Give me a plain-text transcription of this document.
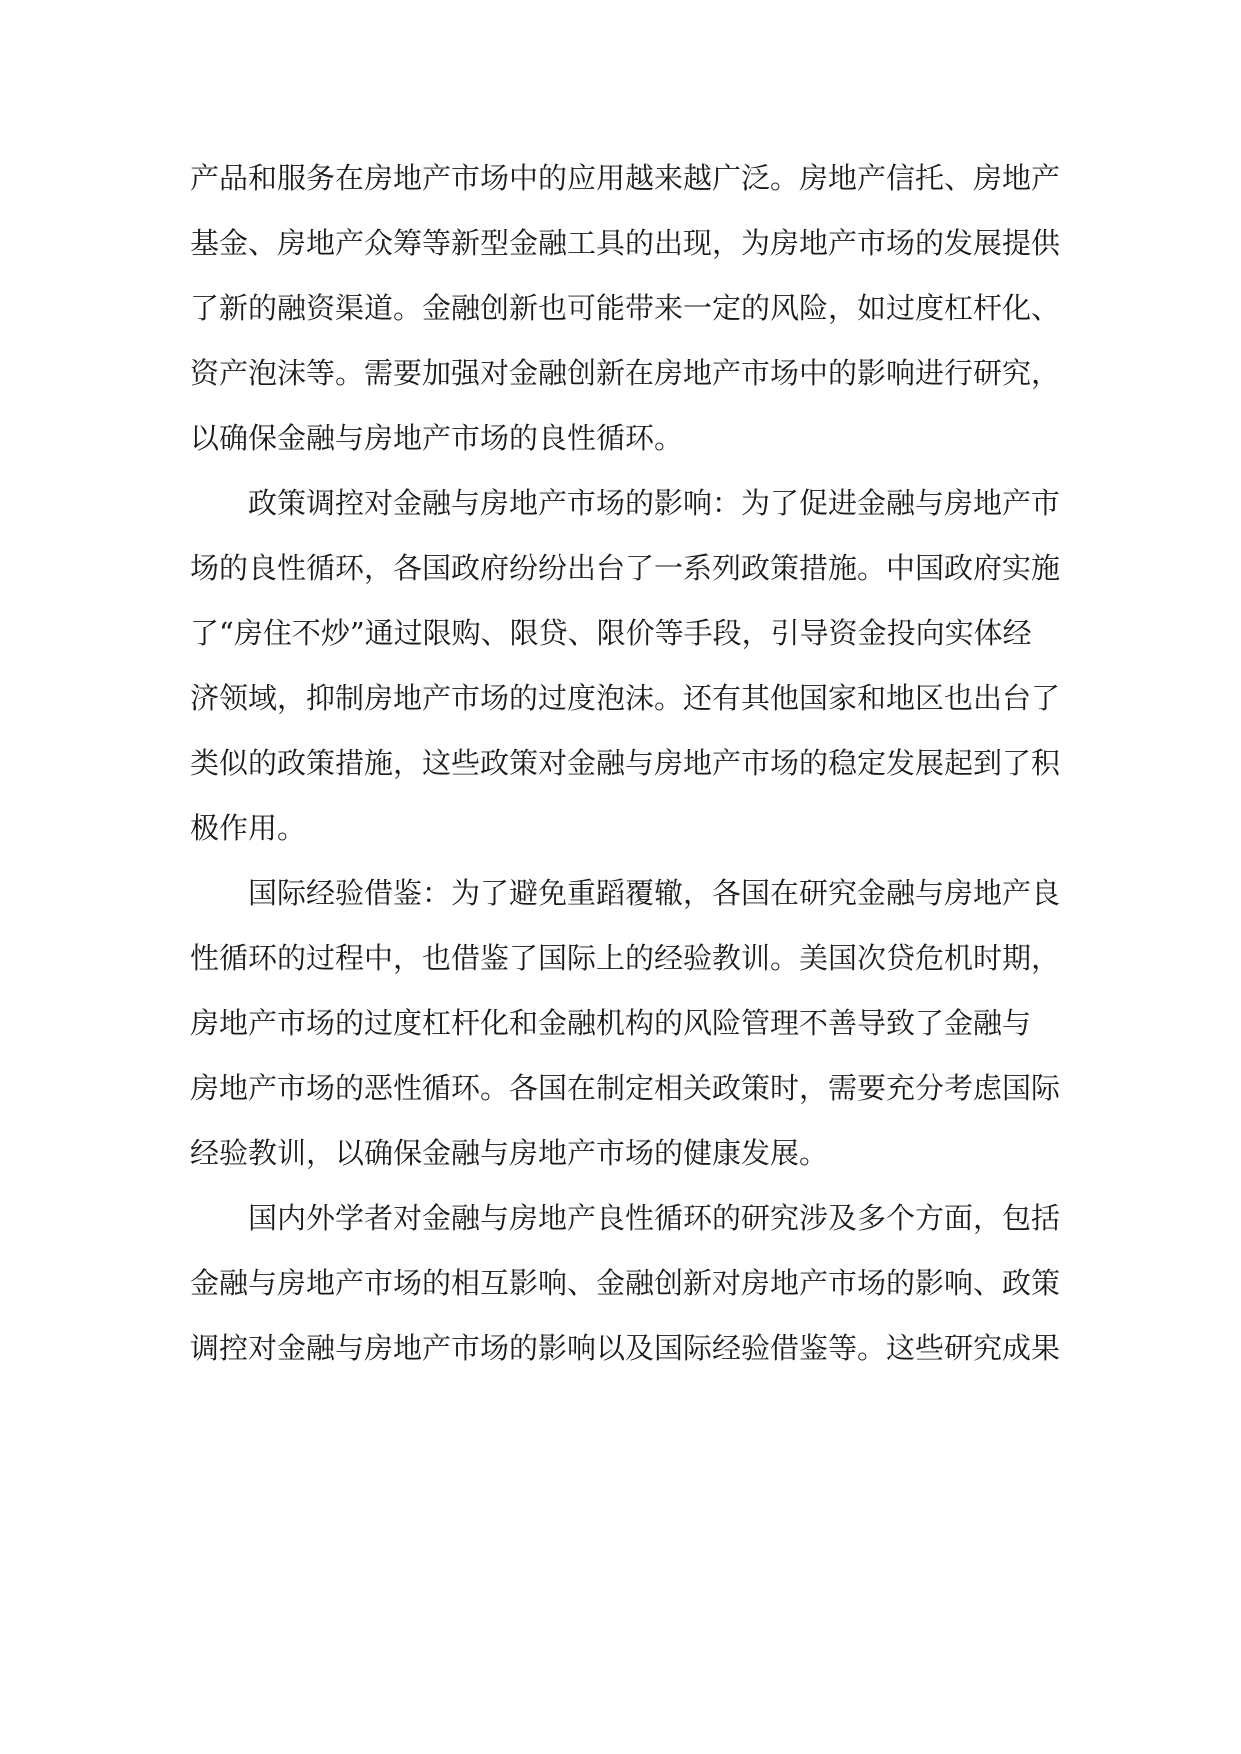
产品和服务在房地产市场中的应用越来越广泛。房地产信托、房地产
基金、房地产众筹等新型金融工具的出现，为房地产市场的发展提供
了新的融资渠道。金融创新也可能带来一定的风险，如过度杠杆化、
资产泡沫等。需要加强对金融创新在房地产市场中的影响进行研究，
以确保金融与房地产市场的良性循环。
政策调控对金融与房地产市场的影响：为了促进金融与房地产市
场的良性循环，各国政府纷纷出台了一系列政策措施。中国政府实施
了“房住不炒”通过限购、限贷、限价等手段，引导资金投向实体经
济领域，抑制房地产市场的过度泡沫。还有其他国家和地区也出台了
类似的政策措施，这些政策对金融与房地产市场的稳定发展起到了积
极作用。
国际经验借鉴：为了避免重蹈覆辙，各国在研究金融与房地产良
性循环的过程中，也借鉴了国际上的经验教训。美国次贷危机时期，
房地产市场的过度杠杆化和金融机构的风险管理不善导致了金融与
房地产市场的恶性循环。各国在制定相关政策时，需要充分考虑国际
经验教训，以确保金融与房地产市场的健康发展。
国内外学者对金融与房地产良性循环的研究涉及多个方面，包括
金融与房地产市场的相互影响、金融创新对房地产市场的影响、政策
调控对金融与房地产市场的影响以及国际经验借鉴等。这些研究成果
